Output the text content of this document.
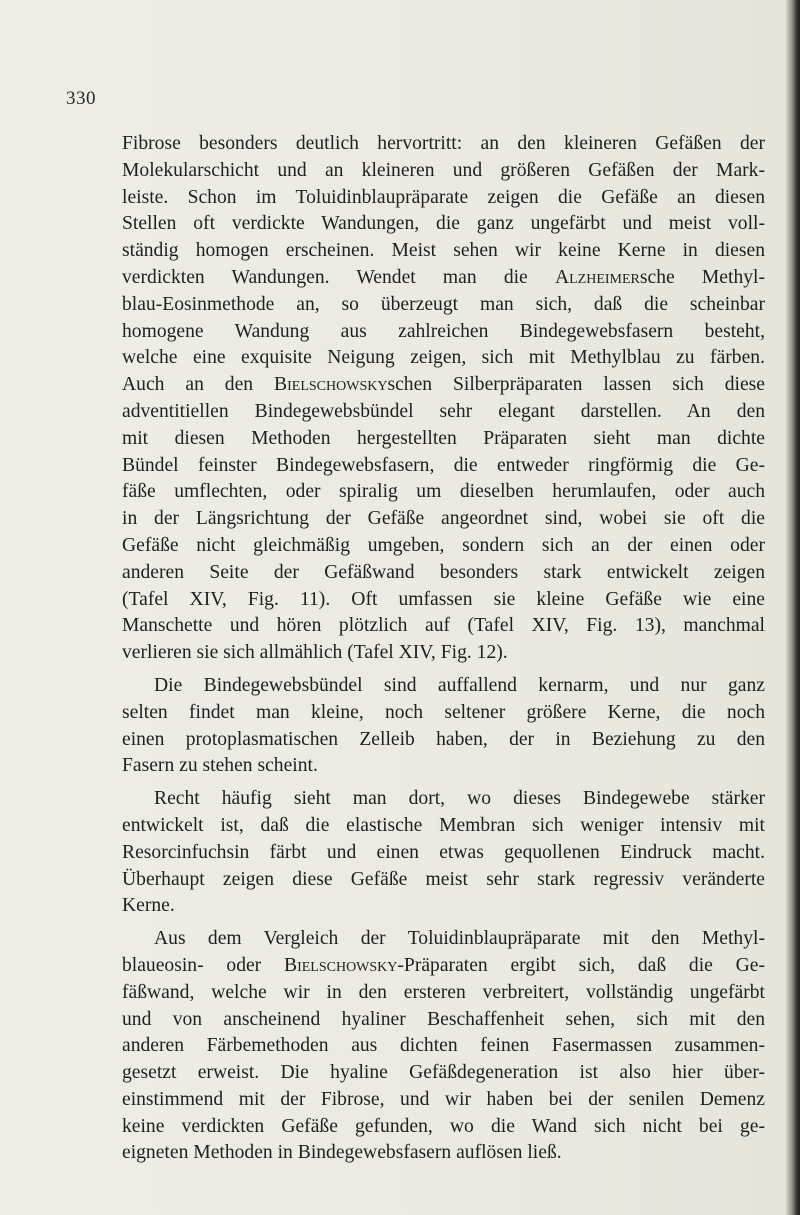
330
Fibrose besonders deutlich hervortritt: an den kleineren Gefäßen der
Molekularschicht und an kleineren und größeren Gefäßen der Mark-
leiste. Schon im Toluidinblaupräparate zeigen die Gefäße an diesen
Stellen oft verdickte Wandungen, die ganz ungefärbt und meist voll-
ständig homogen erscheinen. Meist sehen wir keine Kerne in diesen
verdickten Wandungen. Wendet man die Alzheimersche Methyl-
blau-Eosinmethode an, so überzeugt man sich, daß die scheinbar
homogene Wandung aus zahlreichen Bindegewebsfasern besteht,
welche eine exquisite Neigung zeigen, sich mit Methylblau zu färben.
Auch an den Bielschowskyschen Silberpräparaten lassen sich diese
adventitiellen Bindegewebsbündel sehr elegant darstellen. An den
mit diesen Methoden hergestellten Präparaten sieht man dichte
Bündel feinster Bindegewebsfasern, die entweder ringförmig die Ge-
fäße umflechten, oder spiralig um dieselben herumlaufen, oder auch
in der Längsrichtung der Gefäße angeordnet sind, wobei sie oft die
Gefäße nicht gleichmäßig umgeben, sondern sich an der einen oder
anderen Seite der Gefäßwand besonders stark entwickelt zeigen
(Tafel XIV, Fig. 11). Oft umfassen sie kleine Gefäße wie eine
Manschette und hören plötzlich auf (Tafel XIV, Fig. 13), manchmal
verlieren sie sich allmählich (Tafel XIV, Fig. 12).
Die Bindegewebsbündel sind auffallend kernarm, und nur ganz
selten findet man kleine, noch seltener größere Kerne, die noch
einen protoplasmatischen Zelleib haben, der in Beziehung zu den
Fasern zu stehen scheint.
Recht häufig sieht man dort, wo dieses Bindegewebe stärker
entwickelt ist, daß die elastische Membran sich weniger intensiv mit
Resorcinfuchsin färbt und einen etwas gequollenen Eindruck macht.
Überhaupt zeigen diese Gefäße meist sehr stark regressiv veränderte
Kerne.
Aus dem Vergleich der Toluidinblaupräparate mit den Methyl-
blaueosin- oder Bielschowsky-Präparaten ergibt sich, daß die Ge-
fäßwand, welche wir in den ersteren verbreitert, vollständig ungefärbt
und von anscheinend hyaliner Beschaffenheit sehen, sich mit den
anderen Färbemethoden aus dichten feinen Fasermassen zusammen-
gesetzt erweist. Die hyaline Gefäßdegeneration ist also hier über-
einstimmend mit der Fibrose, und wir haben bei der senilen Demenz
keine verdickten Gefäße gefunden, wo die Wand sich nicht bei ge-
eigneten Methoden in Bindegewebsfasern auflösen ließ.
